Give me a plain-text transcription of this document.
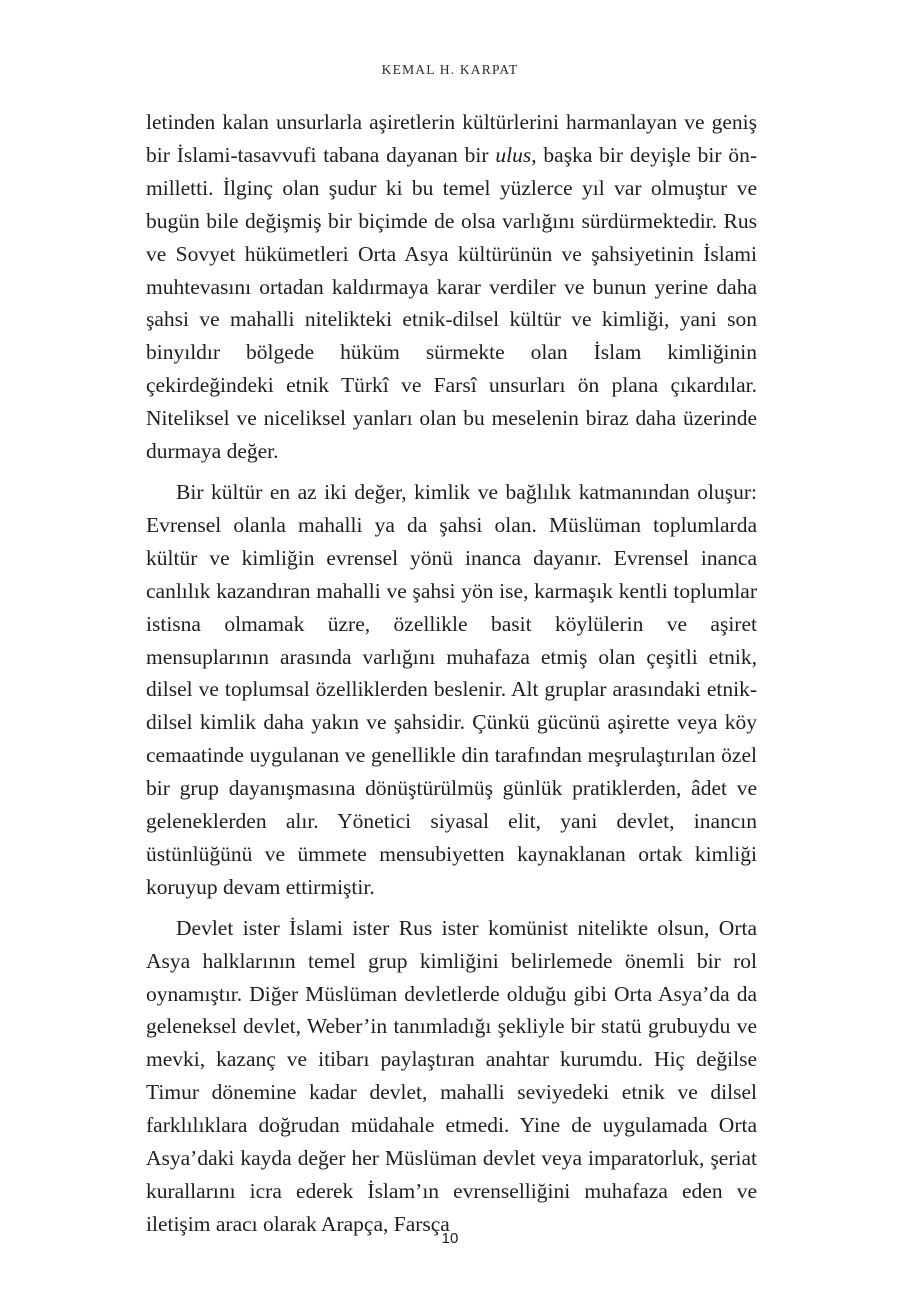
KEMAL H. KARPAT

letinden kalan unsurlarla aşiretlerin kültürlerini harmanlayan ve geniş bir İslami-tasavvufi tabana dayanan bir ulus, başka bir deyişle bir ön-milletti. İlginç olan şudur ki bu temel yüzlerce yıl var olmuştur ve bugün bile değişmiş bir biçimde de olsa varlığını sürdürmektedir. Rus ve Sovyet hükümetleri Orta Asya kültürünün ve şahsiyetinin İslami muhtevasını ortadan kaldırmaya karar verdiler ve bunun yerine daha şahsi ve mahalli nitelikteki etnik-dilsel kültür ve kimliği, yani son binyıldır bölgede hüküm sürmekte olan İslam kimliğinin çekirdeğindeki etnik Türkî ve Farsî unsurları ön plana çıkardılar. Niteliksel ve niceliksel yanları olan bu meselenin biraz daha üzerinde durmaya değer.

Bir kültür en az iki değer, kimlik ve bağlılık katmanından oluşur: Evrensel olanla mahalli ya da şahsi olan. Müslüman toplumlarda kültür ve kimliğin evrensel yönü inanca dayanır. Evrensel inanca canlılık kazandıran mahalli ve şahsi yön ise, karmaşık kentli toplumlar istisna olmamak üzre, özellikle basit köylülerin ve aşiret mensuplarının arasında varlığını muhafaza etmiş olan çeşitli etnik, dilsel ve toplumsal özelliklerden beslenir. Alt gruplar arasındaki etnik-dilsel kimlik daha yakın ve şahsidir. Çünkü gücünü aşirette veya köy cemaatinde uygulanan ve genellikle din tarafından meşrulaştırılan özel bir grup dayanışmasına dönüştürülmüş günlük pratiklerden, âdet ve geleneklerden alır. Yönetici siyasal elit, yani devlet, inancın üstünlüğünü ve ümmete mensubiyetten kaynaklanan ortak kimliği koruyup devam ettirmiştir.

Devlet ister İslami ister Rus ister komünist nitelikte olsun, Orta Asya halklarının temel grup kimliğini belirlemede önemli bir rol oynamıştır. Diğer Müslüman devletlerde olduğu gibi Orta Asya’da da geleneksel devlet, Weber’in tanımladığı şekliyle bir statü grubuydu ve mevki, kazanç ve itibarı paylaştıran anahtar kurumdu. Hiç değilse Timur dönemine kadar devlet, mahalli seviyedeki etnik ve dilsel farklılıklara doğrudan müdahale etmedi. Yine de uygulamada Orta Asya’daki kayda değer her Müslüman devlet veya imparatorluk, şeriat kurallarını icra ederek İslam’ın evrenselliğini muhafaza eden ve iletişim aracı olarak Arapça, Farsça

10
